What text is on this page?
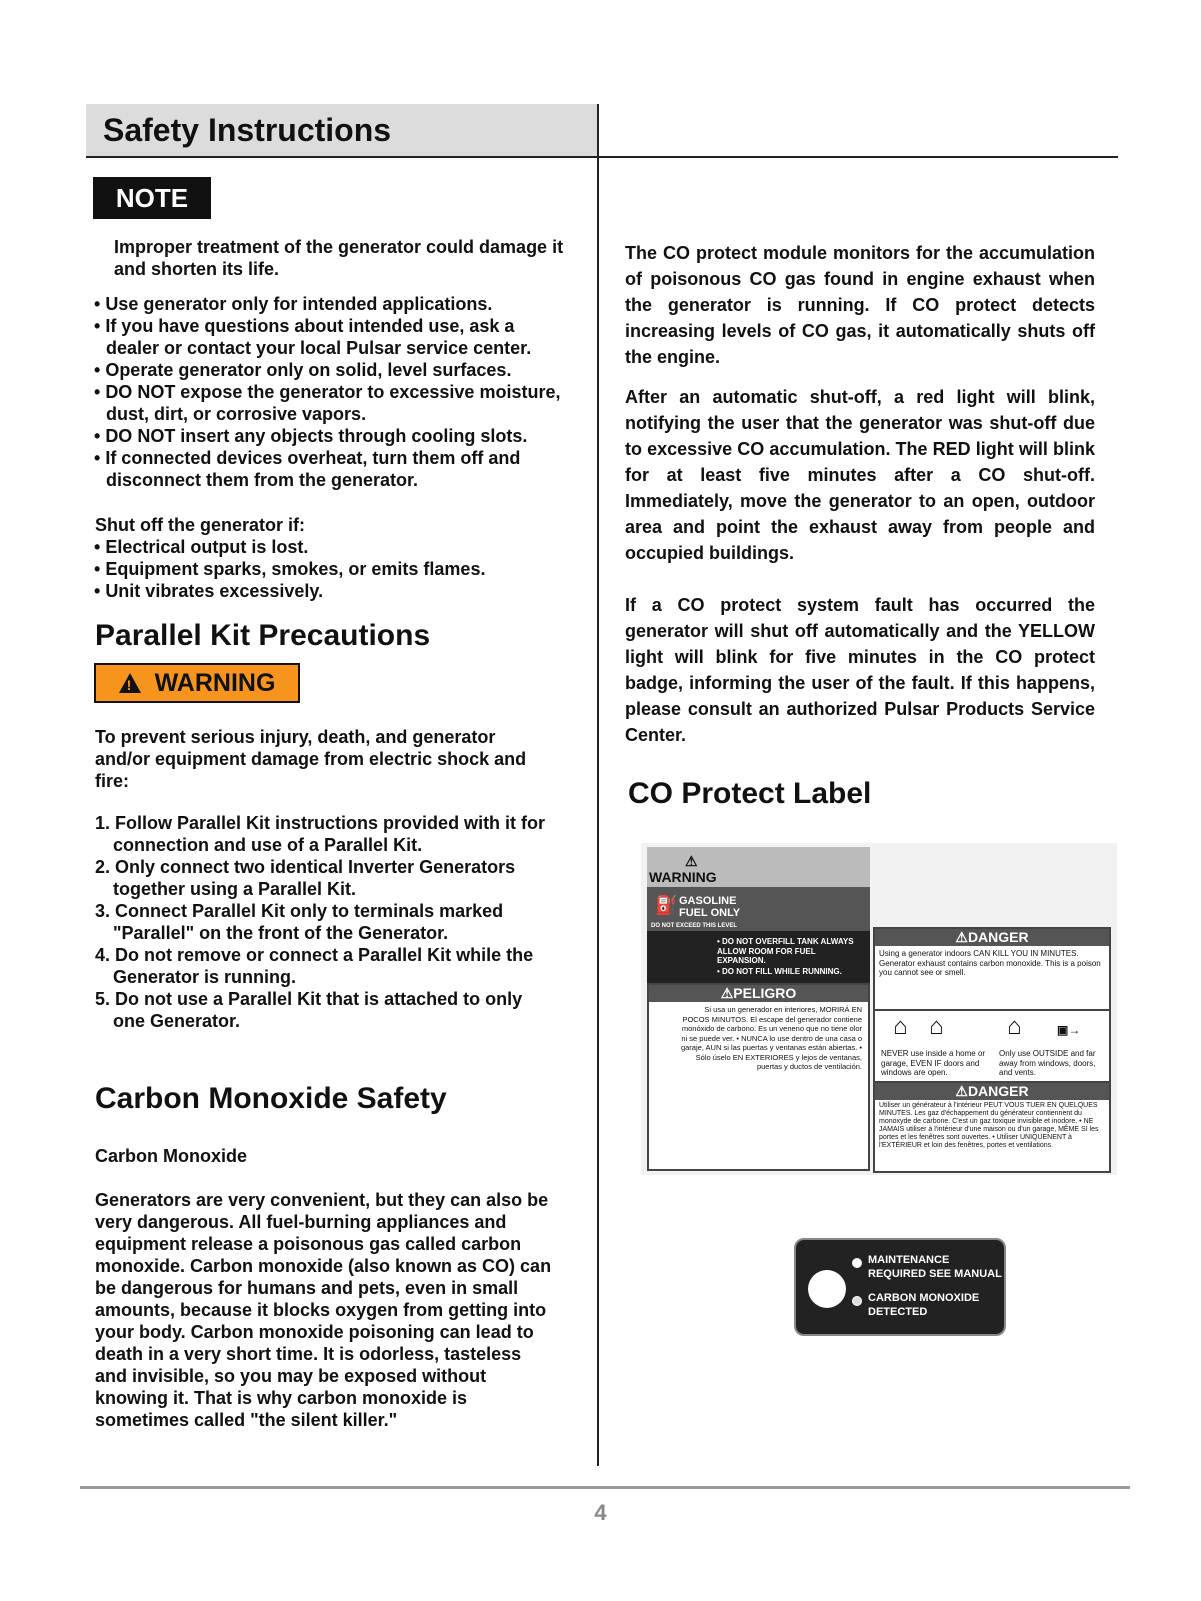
Safety Instructions
NOTE
Improper treatment of the generator could damage it and shorten its life.
• Use generator only for intended applications.
• If you have questions about intended use, ask a dealer or contact your local Pulsar service center.
• Operate generator only on solid, level surfaces.
• DO NOT expose the generator to excessive moisture, dust, dirt, or corrosive vapors.
• DO NOT insert any objects through cooling slots.
• If connected devices overheat, turn them off and disconnect them from the generator.
Shut off the generator if:
• Electrical output is lost.
• Equipment sparks, smokes, or emits flames.
• Unit vibrates excessively.
Parallel Kit Precautions
!
WARNING
To prevent serious injury, death, and generator and/or equipment damage from electric shock and fire:
1. Follow Parallel Kit instructions provided with it for connection and use of a Parallel Kit.
2. Only connect two identical Inverter Generators together using a Parallel Kit.
3. Connect Parallel Kit only to terminals marked "Parallel" on the front of the Generator.
4. Do not remove or connect a Parallel Kit while the Generator is running.
5. Do not use a Parallel Kit that is attached to only one Generator.
Carbon Monoxide Safety
Carbon Monoxide
Generators are very convenient, but they can also be very dangerous. All fuel-burning appliances and equipment release a poisonous gas called carbon monoxide. Carbon monoxide (also known as CO) can be dangerous for humans and pets, even in small amounts, because it blocks oxygen from getting into your body. Carbon monoxide poisoning can lead to death in a very short time. It is odorless, tasteless and invisible, so you may be exposed without knowing it. That is why carbon monoxide is sometimes called "the silent killer."
The CO protect module monitors for the accumulation of poisonous CO gas found in engine exhaust when the generator is running. If CO protect detects increasing levels of CO gas, it automatically shuts off the engine.
After an automatic shut-off, a red light will blink, notifying the user that the generator was shut-off due to excessive CO accumulation. The RED light will blink for at least five minutes after a CO shut-off. Immediately, move the generator to an open, outdoor area and point the exhaust away from people and occupied buildings.
If a CO protect system fault has occurred the generator will shut off automatically and the YELLOW light will blink for five minutes in the CO protect badge, informing the user of the fault. If this happens, please consult an authorized Pulsar Products Service Center.
CO Protect Label
⚠
WARNING
⛽ GASOLINE FUEL ONLY
DO NOT EXCEED THIS LEVEL
• DO NOT OVERFILL TANK ALWAYS ALLOW ROOM FOR FUEL EXPANSION.
• DO NOT FILL WHILE RUNNING.
⚠DANGER
Using a generator indoors CAN KILL YOU IN MINUTES. Generator exhaust contains carbon monoxide. This is a poison you cannot see or smell.
⌂ ⌂	⌂	▣→
NEVER use inside a home or garage, EVEN IF doors and windows are open.
Only use OUTSIDE and far away from windows, doors, and vents.
⚠DANGER
Utiliser un générateur à l'intérieur PEUT VOUS TUER EN QUELQUES MINUTES. Les gaz d'échappement du générateur contiennent du monoxyde de carbone. C'est un gaz toxique invisible et inodore. • NE JAMAIS utiliser à l'intérieur d'une maison ou d'un garage, MÊME SI les portes et les fenêtres sont ouvertes. • Utiliser UNIQUENENT à l'EXTÉRIEUR et loin des fenêtres, portes et ventilations.
⚠PELIGRO
Si usa un generador en interiores, MORIRÁ EN POCOS MINUTOS. El escape del generador contiene monóxido de carbono. Es un veneno que no tiene olor ni se puede ver. • NUNCA lo use dentro de una casa o garaje, AUN si las puertas y ventanas están abiertas. • Sólo úselo EN EXTERIORES y lejos de ventanas, puertas y ductos de ventilación.
MAINTENANCE REQUIRED SEE MANUAL
CARBON MONOXIDE DETECTED
4
